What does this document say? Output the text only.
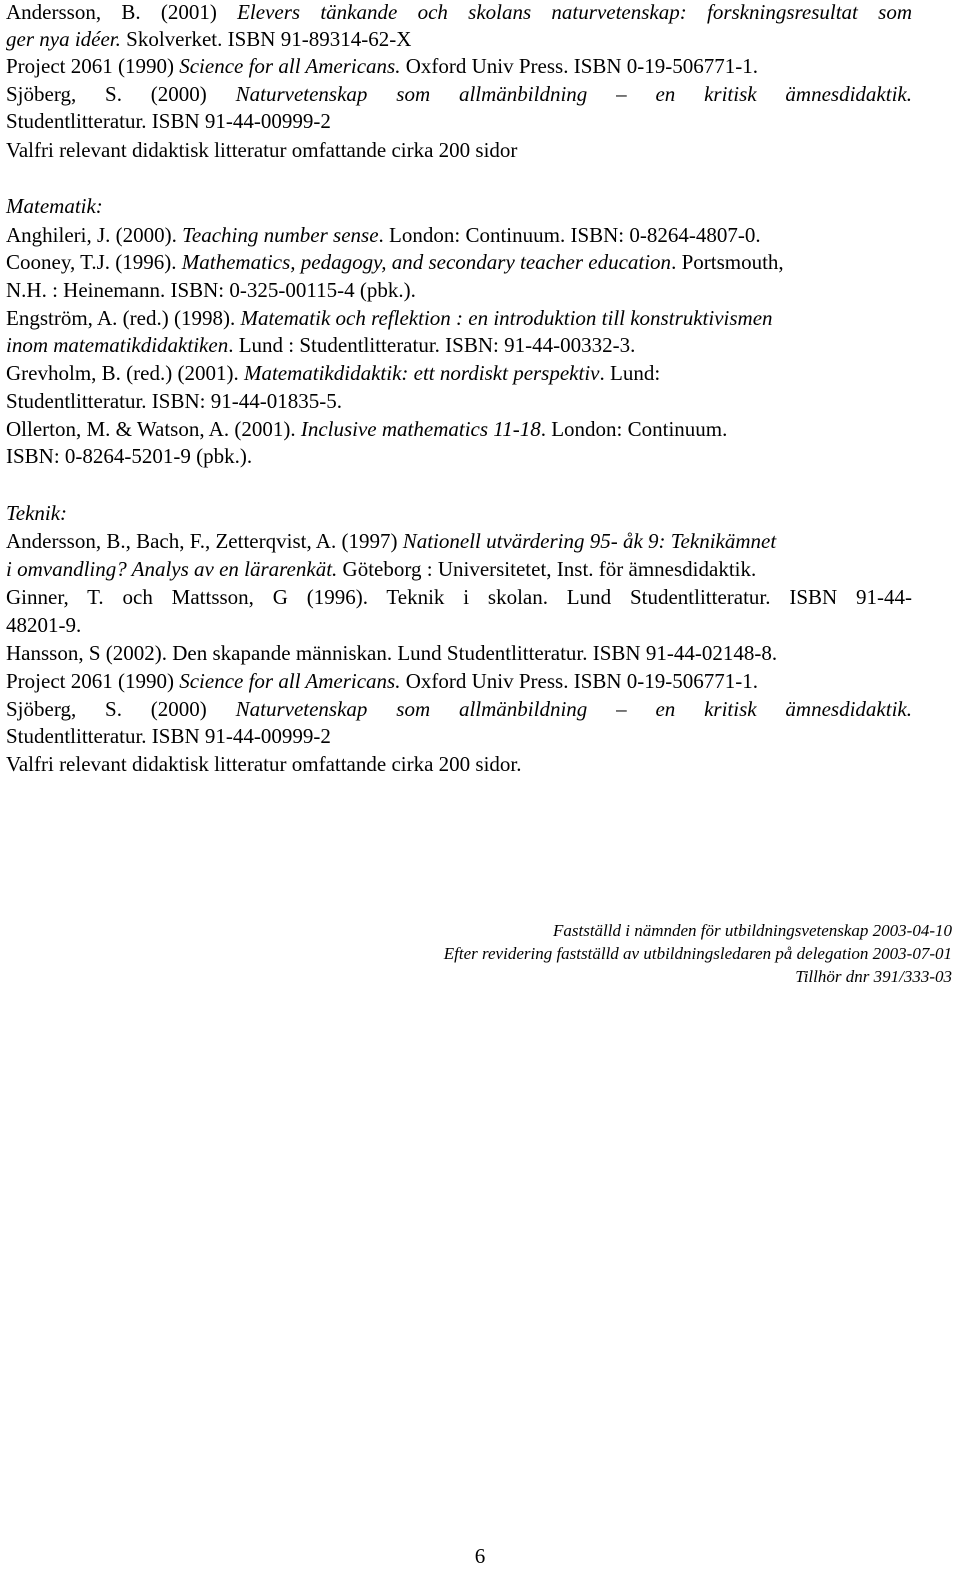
Andersson, B. (2001) Elevers tänkande och skolans naturvetenskap: forskningsresultat som

ger nya idéer. Skolverket. ISBN 91-89314-62-X

Project 2061 (1990) Science for all Americans. Oxford Univ Press. ISBN 0-19-506771-1.

Sjöberg, S. (2000) Naturvetenskap som allmänbildning – en kritisk ämnesdidaktik.

Studentlitteratur. ISBN 91-44-00999-2

Valfri relevant didaktisk litteratur omfattande cirka 200 sidor

Matematik:

Anghileri, J. (2000). Teaching number sense. London: Continuum. ISBN: 0-8264-4807-0.

Cooney, T.J. (1996). Mathematics, pedagogy, and secondary teacher education. Portsmouth,

N.H. : Heinemann. ISBN: 0-325-00115-4 (pbk.).

Engström, A. (red.) (1998). Matematik och reflektion : en introduktion till konstruktivismen

inom matematikdidaktiken. Lund : Studentlitteratur. ISBN: 91-44-00332-3.

Grevholm, B. (red.) (2001). Matematikdidaktik: ett nordiskt perspektiv. Lund:

Studentlitteratur. ISBN: 91-44-01835-5.

Ollerton, M. & Watson, A. (2001). Inclusive mathematics 11-18. London: Continuum.

ISBN: 0-8264-5201-9 (pbk.).

Teknik:

Andersson, B., Bach, F., Zetterqvist, A. (1997) Nationell utvärdering 95- åk 9: Teknikämnet

i omvandling? Analys av en lärarenkät. Göteborg : Universitetet, Inst. för ämnesdidaktik.

Ginner, T. och Mattsson, G (1996). Teknik i skolan. Lund Studentlitteratur. ISBN 91-44-

48201-9.

Hansson, S (2002). Den skapande människan. Lund Studentlitteratur. ISBN 91-44-02148-8.

Project 2061 (1990) Science for all Americans. Oxford Univ Press. ISBN 0-19-506771-1.

Sjöberg, S. (2000) Naturvetenskap som allmänbildning – en kritisk ämnesdidaktik.

Studentlitteratur. ISBN 91-44-00999-2

Valfri relevant didaktisk litteratur omfattande cirka 200 sidor.

Fastställd i nämnden för utbildningsvetenskap 2003-04-10

Efter revidering fastställd av utbildningsledaren på delegation 2003-07-01

Tillhör dnr 391/333-03

6
